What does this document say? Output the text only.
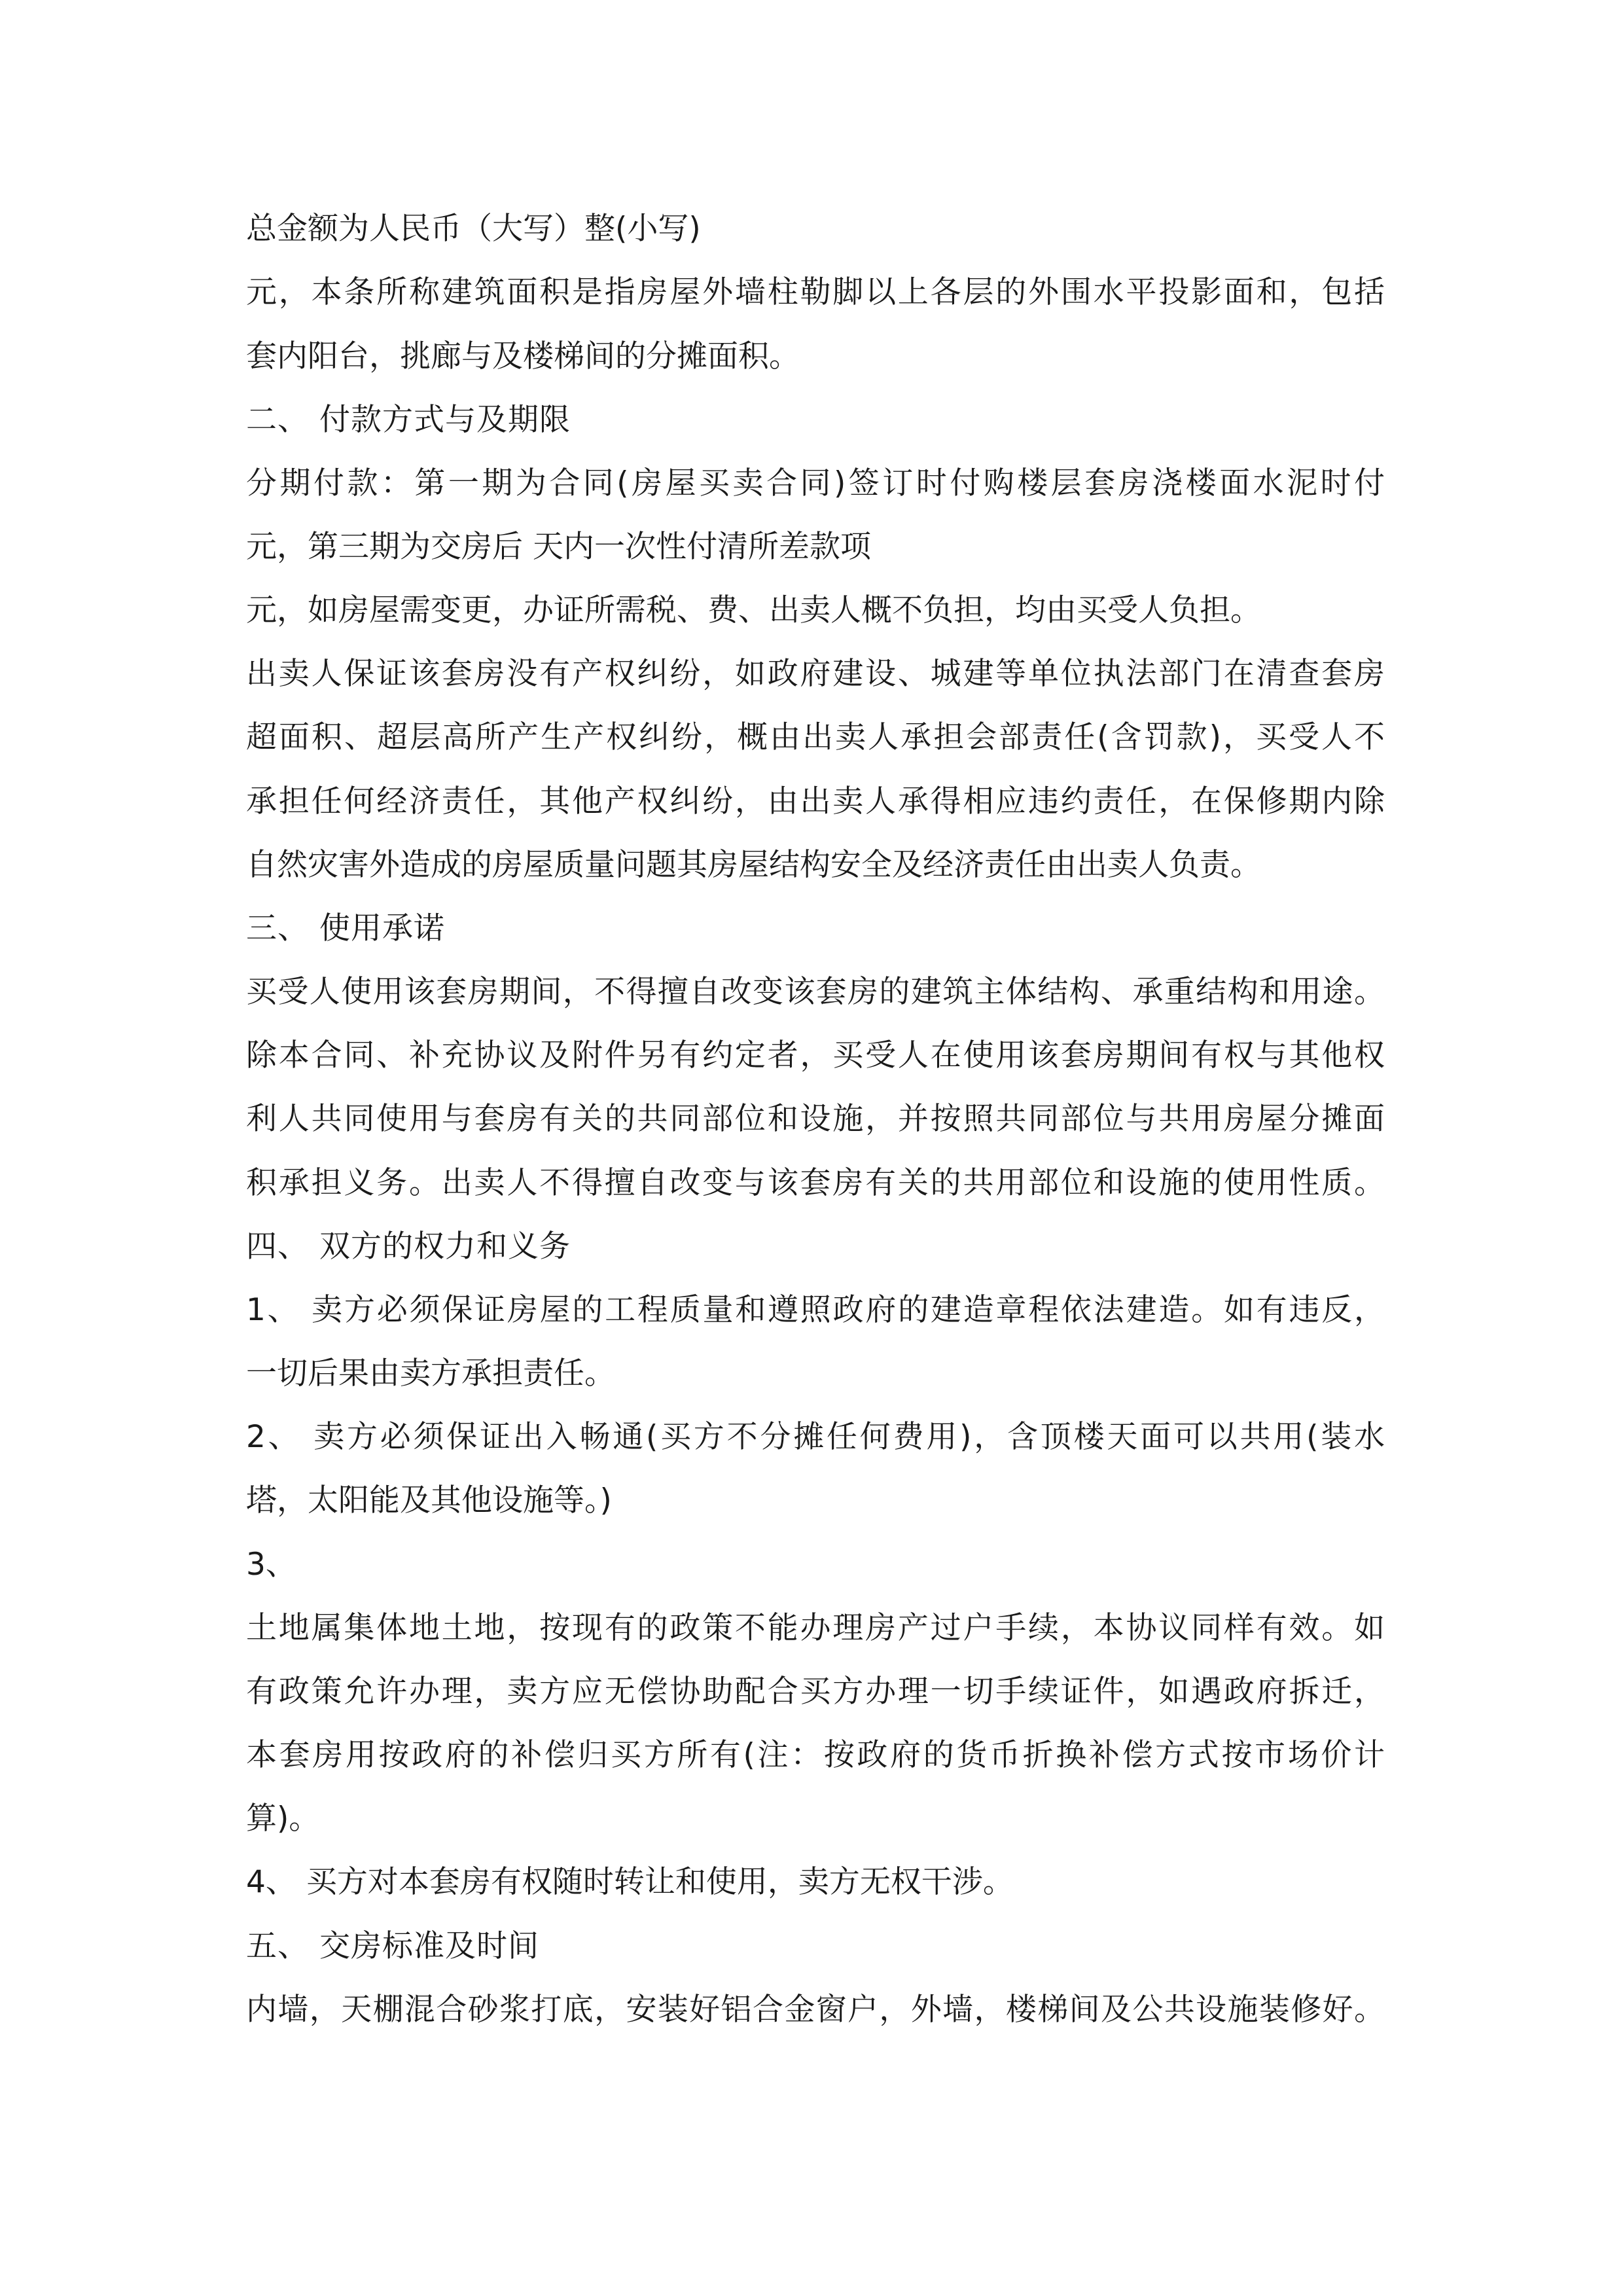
总金额为人民币（大写）整(小写)
元，本条所称建筑面积是指房屋外墙柱勒脚以上各层的外围水平投影面和，包括
套内阳台，挑廊与及楼梯间的分摊面积。
二、 付款方式与及期限
分期付款：第一期为合同(房屋买卖合同)签订时付购楼层套房浇楼面水泥时付
元，第三期为交房后 天内一次性付清所差款项
元，如房屋需变更，办证所需税、费、出卖人概不负担，均由买受人负担。
出卖人保证该套房没有产权纠纷，如政府建设、城建等单位执法部门在清查套房
超面积、超层高所产生产权纠纷，概由出卖人承担会部责任(含罚款)，买受人不
承担任何经济责任，其他产权纠纷，由出卖人承得相应违约责任，在保修期内除
自然灾害外造成的房屋质量问题其房屋结构安全及经济责任由出卖人负责。
三、 使用承诺
买受人使用该套房期间，不得擅自改变该套房的建筑主体结构、承重结构和用途。
除本合同、补充协议及附件另有约定者，买受人在使用该套房期间有权与其他权
利人共同使用与套房有关的共同部位和设施，并按照共同部位与共用房屋分摊面
积承担义务。出卖人不得擅自改变与该套房有关的共用部位和设施的使用性质。
四、 双方的权力和义务
1、 卖方必须保证房屋的工程质量和遵照政府的建造章程依法建造。如有违反，
一切后果由卖方承担责任。
2、 卖方必须保证出入畅通(买方不分摊任何费用)，含顶楼天面可以共用(装水
塔，太阳能及其他设施等。)
3、
土地属集体地土地，按现有的政策不能办理房产过户手续，本协议同样有效。如
有政策允许办理，卖方应无偿协助配合买方办理一切手续证件，如遇政府拆迁，
本套房用按政府的补偿归买方所有(注：按政府的货币折换补偿方式按市场价计
算)。
4、 买方对本套房有权随时转让和使用，卖方无权干涉。
五、 交房标准及时间
内墙，天棚混合砂浆打底，安装好铝合金窗户，外墙，楼梯间及公共设施装修好。
